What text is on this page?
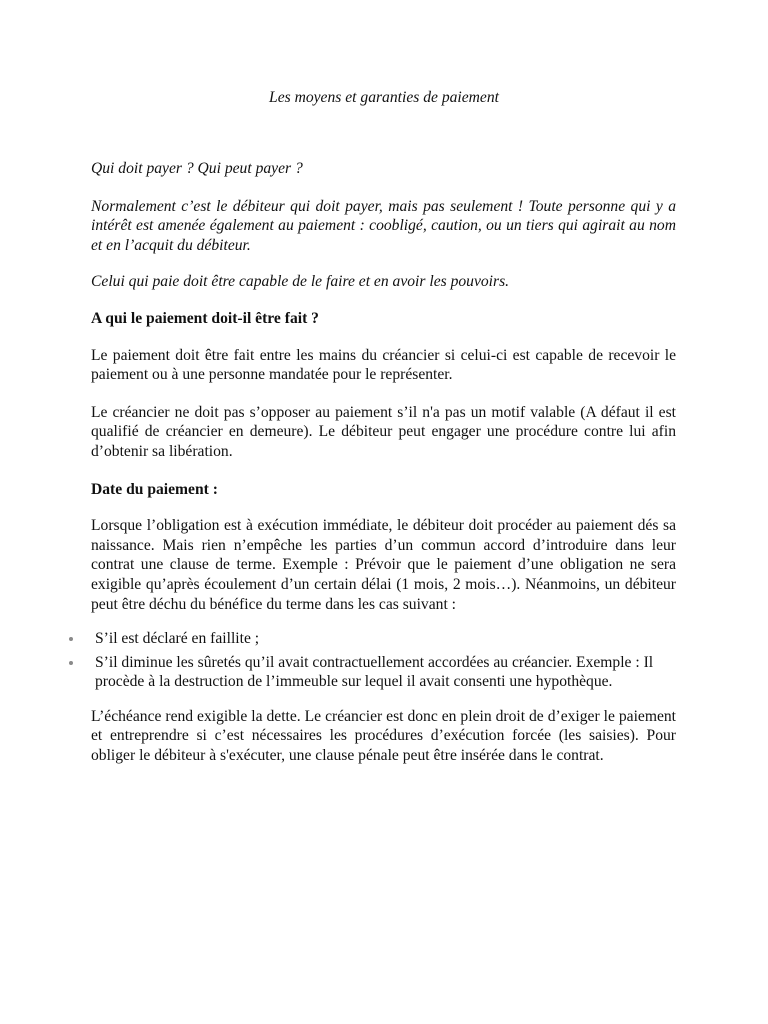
Les moyens et garanties de paiement

Qui doit payer ? Qui peut payer ?

Normalement c’est le débiteur qui doit payer, mais pas seulement ! Toute personne qui y a intérêt est amenée également au paiement : coobligé, caution, ou un tiers qui agirait au nom et en l’acquit du débiteur.

Celui qui paie doit être capable de le faire et en avoir les pouvoirs.

A qui le paiement doit-il être fait ?

Le paiement doit être fait entre les mains du créancier si celui-ci est capable de recevoir le paiement ou à une personne mandatée pour le représenter.

Le créancier ne doit pas s’opposer au paiement s’il n'a pas un motif valable (A défaut il est qualifié de créancier en demeure). Le débiteur peut engager une procédure contre lui afin d’obtenir sa libération.

Date du paiement :

Lorsque l’obligation est à exécution immédiate, le débiteur doit procéder au paiement dés sa naissance. Mais rien n’empêche les parties d’un commun accord d’introduire dans leur contrat une clause de terme. Exemple : Prévoir que le paiement d’une obligation ne sera exigible qu’après écoulement d’un certain délai (1 mois, 2 mois…). Néanmoins, un débiteur peut être déchu du bénéfice du terme dans les cas suivant :

S’il est déclaré en faillite ;
S’il diminue les sûretés qu’il avait contractuellement accordées au créancier. Exemple : Il procède à la destruction de l’immeuble sur lequel il avait consenti une hypothèque.

L’échéance rend exigible la dette. Le créancier est donc en plein droit de d’exiger le paiement et entreprendre si c’est nécessaires les procédures d’exécution forcée (les saisies). Pour obliger le débiteur à s'exécuter, une clause pénale peut être insérée dans le contrat.
